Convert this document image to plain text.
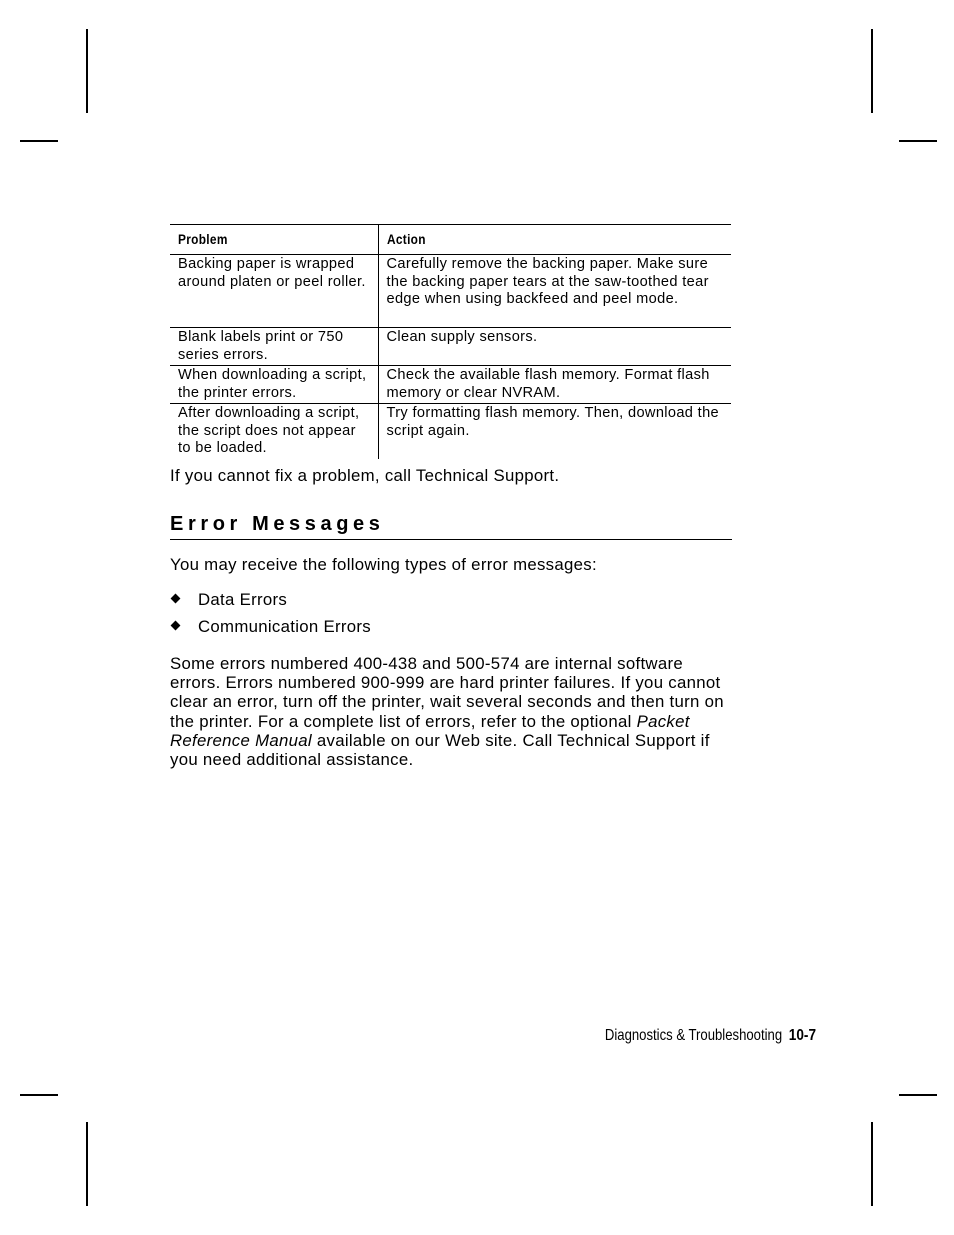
Problem	Action
Backing paper is wrapped around platen or peel roller.	Carefully remove the backing paper. Make sure the backing paper tears at the saw-toothed tear edge when using backfeed and peel mode.
Blank labels print or 750 series errors.	Clean supply sensors.
When downloading a script, the printer errors.	Check the available flash memory. Format flash memory or clear NVRAM.
After downloading a script, the script does not appear to be loaded.	Try formatting flash memory. Then, download the script again.

If you cannot fix a problem, call Technical Support.

Error Messages

You may receive the following types of error messages:

Data Errors
Communication Errors

Some errors numbered 400-438 and 500-574 are internal software errors. Errors numbered 900-999 are hard printer failures. If you cannot clear an error, turn off the printer, wait several seconds and then turn on the printer. For a complete list of errors, refer to the optional Packet Reference Manual available on our Web site. Call Technical Support if you need additional assistance.

Diagnostics & Troubleshooting 10-7
